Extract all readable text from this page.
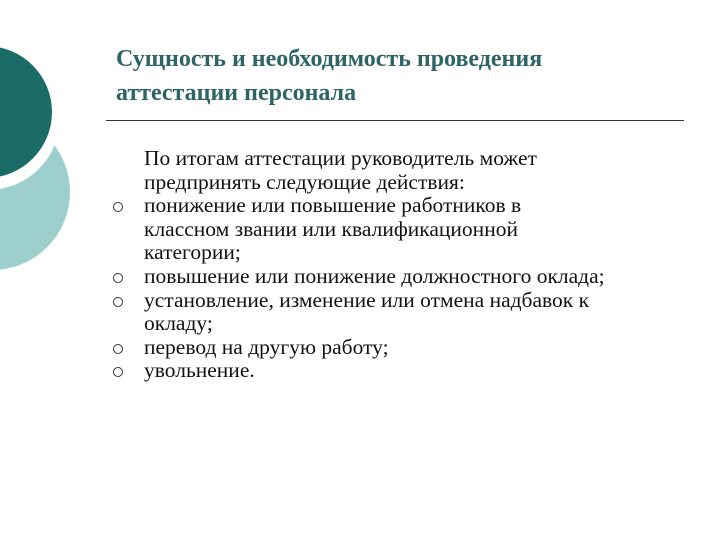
Сущность и необходимость проведения
аттестации персонала
По итогам аттестации руководитель может
предпринять следующие действия:
понижение или повышение работников в
классном звании или квалификационной
категории;
повышение или понижение должностного оклада;
установление, изменение или отмена надбавок к
окладу;
перевод на другую работу;
увольнение.
